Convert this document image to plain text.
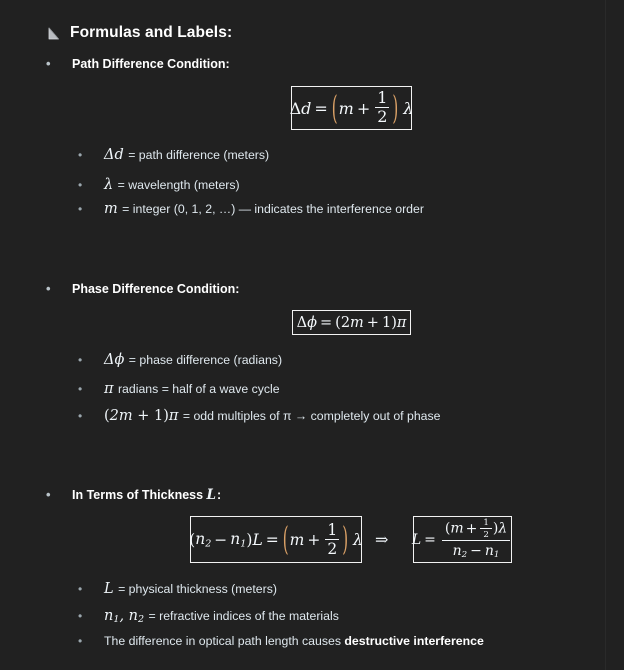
Formulas and Labels:
•
Path Difference Condition:
Δd = ( $m + \frac{1}{2}$ ) λ
•
Δd = path difference (meters)
•
λ = wavelength (meters)
•
m = integer (0, 1, 2, …) — indicates the interference order
•
Phase Difference Condition:
Δϕ = ( 2 m + 1 ) π
•
Δϕ = phase difference (radians)
•
π radians = half of a wave cycle
•
(2m + 1)π = odd multiples of π → completely out of phase
•
In Terms of Thickness L:
( $n_2 - n_1$ ) L = ( $m + \frac{1}{2}$ ) λ ⇒ $L = \frac{(m + \frac{1}{2} )\lambda}{n_2 - n_1}$
•
L = physical thickness (meters)
•
$n_1$, $n_2$ = refractive indices of the materials
•
The difference in optical path length causes destructive interference
